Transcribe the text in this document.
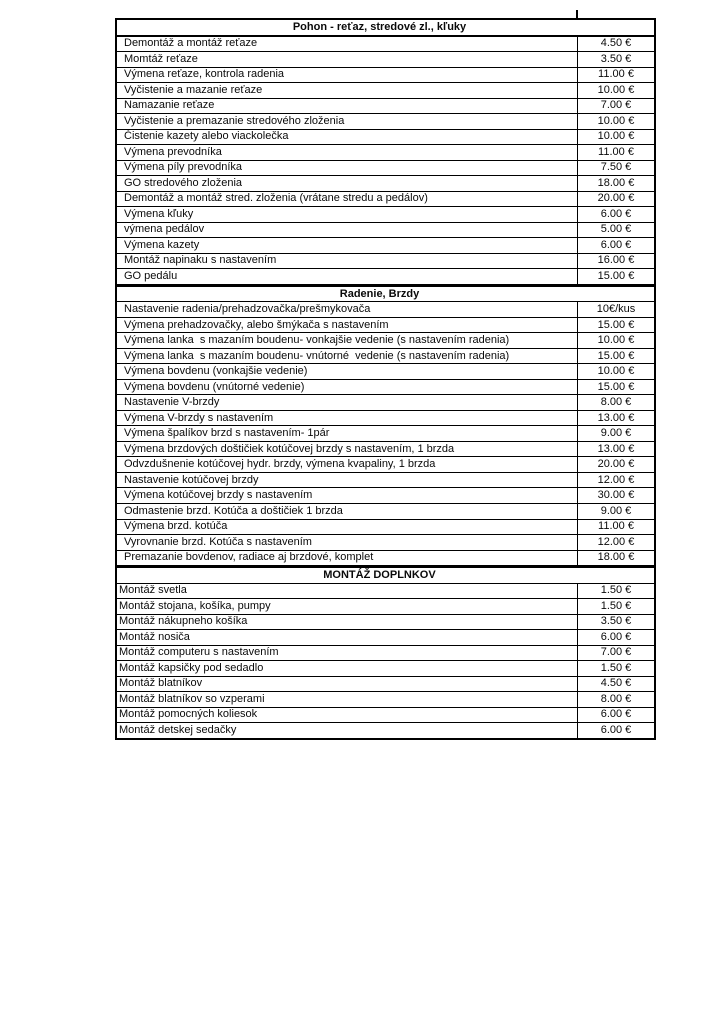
Pohon - reťaz, stredové zl., kľuky
Demontáž a montáž reťaze	4.50 €
Momtáž reťaze	3.50 €
Výmena reťaze, kontrola radenia	11.00 €
Vyčistenie a mazanie reťaze	10.00 €
Namazanie reťaze	7.00 €
Vyčistenie a premazanie stredového zloženia	10.00 €
Čistenie kazety alebo viackolečka	10.00 €
Výmena prevodníka	11.00 €
Výmena píly prevodníka	7.50 €
GO stredového zloženia	18.00 €
Demontáž a montáž stred. zloženia (vrátane stredu a pedálov)	20.00 €
Výmena kľuky	6.00 €
výmena pedálov	5.00 €
Výmena kazety	6.00 €
Montáž napinaku s nastavením	16.00 €
GO pedálu	15.00 €
Radenie, Brzdy
Nastavenie radenia/prehadzovačka/prešmykovača	10€/kus
Výmena prehadzovačky, alebo šmýkača s nastavením	15.00 €
Výmena lanka  s mazaním boudenu- vonkajšie vedenie (s nastavením radenia)	10.00 €
Výmena lanka  s mazaním boudenu- vnútorné  vedenie (s nastavením radenia)	15.00 €
Výmena bovdenu (vonkajšie vedenie)	10.00 €
Výmena bovdenu (vnútorné vedenie)	15.00 €
Nastavenie V-brzdy	8.00 €
Výmena V-brzdy s nastavením	13.00 €
Výmena špalíkov brzd s nastavením- 1pár	9.00 €
Výmena brzdových doštičiek kotúčovej brzdy s nastavením, 1 brzda	13.00 €
Odvzdušnenie kotúčovej hydr. brzdy, výmena kvapaliny, 1 brzda	20.00 €
Nastavenie kotúčovej brzdy	12.00 €
Výmena kotúčovej brzdy s nastavením	30.00 €
Odmastenie brzd. Kotúča a doštičiek 1 brzda	9.00 €
Výmena brzd. kotúča	11.00 €
Vyrovnanie brzd. Kotúča s nastavením	12.00 €
Premazanie bovdenov, radiace aj brzdové, komplet	18.00 €
MONTÁŽ DOPLNKOV
Montáž svetla	1.50 €
Montáž stojana, košíka, pumpy	1.50 €
Montáž nákupneho košíka	3.50 €
Montáž nosiča	6.00 €
Montáž computeru s nastavením	7.00 €
Montáž kapsičky pod sedadlo	1.50 €
Montáž blatníkov	4.50 €
Montáž blatníkov so vzperami	8.00 €
Montáž pomocných koliesok	6.00 €
Montáž detskej sedačky	6.00 €
